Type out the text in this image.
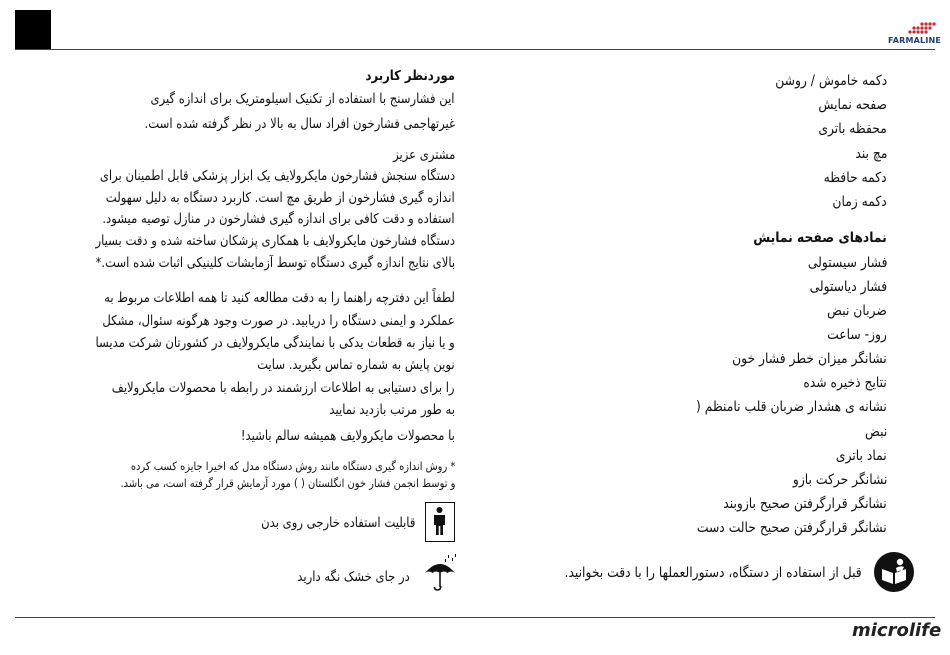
FARMALINE
موردنظر کاربرد
این فشارسنج با استفاده از تکنیک اسیلومتریک برای اندازه گیری
غیرتهاجمی فشارخون افراد سال به بالا در نظر گرفته شده است.
مشتری عزیز
دستگاه سنجش فشارخون مایکرولایف یک ابزار پزشکی قابل اطمینان برای
اندازه گیری فشارخون از طریق مچ است. کاربرد دستگاه به دلیل سهولت
استفاده و دقت کافی برای اندازه گیری فشارخون در منازل توصیه میشود.
دستگاه فشارخون مایکرولایف با همکاری پزشکان ساخته شده و دقت بسیار
بالای نتایج اندازه گیری دستگاه توسط آزمایشات کلینیکی اثبات شده است.*
لطفاً این دفترچه راهنما را به دقت مطالعه کنید تا همه اطلاعات مربوط به
عملکرد و ایمنی دستگاه را دریابید. در صورت وجود هرگونه سئوال، مشکل
و یا نیاز به قطعات یدکی با نمایندگی مایکرولایف در کشورتان شرکت مدیسا
نوین پایش به شماره تماس بگیرید. سایت
را برای دستیابی به اطلاعات ارزشمند در رابطه با محصولات مایکرولایف
به طور مرتب بازدید نمایید
با محصولات مایکرولایف همیشه سالم باشید!
* روش اندازه گیری دستگاه مانند روش دستگاه مدل که اخیرا جایزه کسب کرده
و توسط انجمن فشار خون انگلستان ( ) مورد آزمایش قرار گرفته است، می باشد.
قابلیت استفاده خارجی روی بدن
در جای خشک نگه دارید
دکمه خاموش / روشن
صفحه نمایش
محفظه باتری
مچ بند
دکمه حافظه
دکمه زمان
نمادهای صفحه نمایش
فشار سیستولی
فشار دیاستولی
ضربان نبض
روز- ساعت
نشانگر میزان خطر فشار خون
نتایج ذخیره شده
نشانه ی هشدار ضربان قلب نامنظم (
نبض
نماد باتری
نشانگر حرکت بازو
نشانگر قرارگرفتن صحیح بازوبند
نشانگر قرارگرفتن صحیح حالت دست
قبل از استفاده از دستگاه، دستورالعملها را با دقت بخوانید.
microlife
